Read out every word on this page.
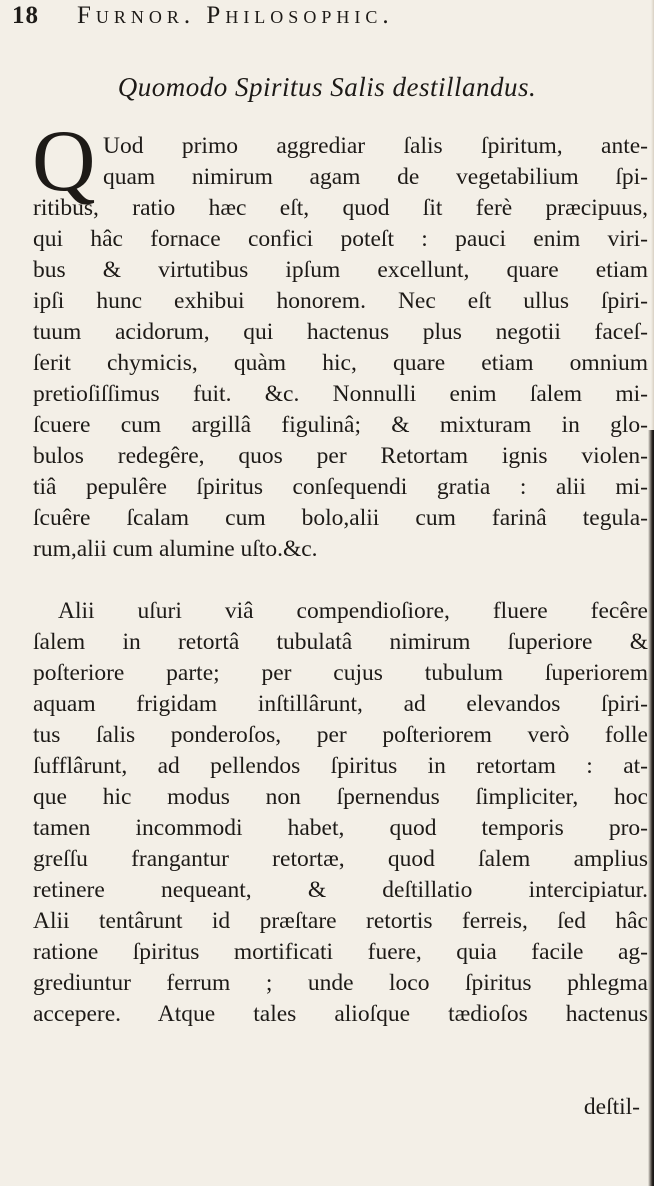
18 Furnor. Philosophic.
Quomodo Spiritus Salis destillandus.
Q Uod primo aggrediar ſalis ſpiritum, ante-
quam nimirum agam de vegetabilium ſpi-
ritibus, ratio hæc eſt, quod ſit ferè præcipuus,
qui hâc fornace confici poteſt : pauci enim viri-
bus & virtutibus ipſum excellunt, quare etiam
ipſi hunc exhibui honorem. Nec eſt ullus ſpiri-
tuum acidorum, qui hactenus plus negotii faceſ-
ſerit chymicis, quàm hic, quare etiam omnium
pretioſiſſimus fuit. &c. Nonnulli enim ſalem mi-
ſcuere cum argillâ figulinâ; & mixturam in glo-
bulos redegêre, quos per Retortam ignis violen-
tiâ pepulêre ſpiritus conſequendi gratia : alii mi-
ſcuêre ſcalam cum bolo,alii cum farinâ tegula-
rum,alii cum alumine uſto.&c.
Alii uſuri viâ compendioſiore, fluere fecêre
ſalem in retortâ tubulatâ nimirum ſuperiore &
poſteriore parte; per cujus tubulum ſuperiorem
aquam frigidam inſtillârunt, ad elevandos ſpiri-
tus ſalis ponderoſos, per poſteriorem verò folle
ſufflârunt, ad pellendos ſpiritus in retortam : at-
que hic modus non ſpernendus ſimpliciter, hoc
tamen incommodi habet, quod temporis pro-
greſſu frangantur retortæ, quod ſalem amplius
retinere nequeant, & deſtillatio intercipiatur.
Alii tentârunt id præſtare retortis ferreis, ſed hâc
ratione ſpiritus mortificati fuere, quia facile ag-
grediuntur ferrum ; unde loco ſpiritus phlegma
accepere. Atque tales alioſque tædioſos hactenus
deſtil-
